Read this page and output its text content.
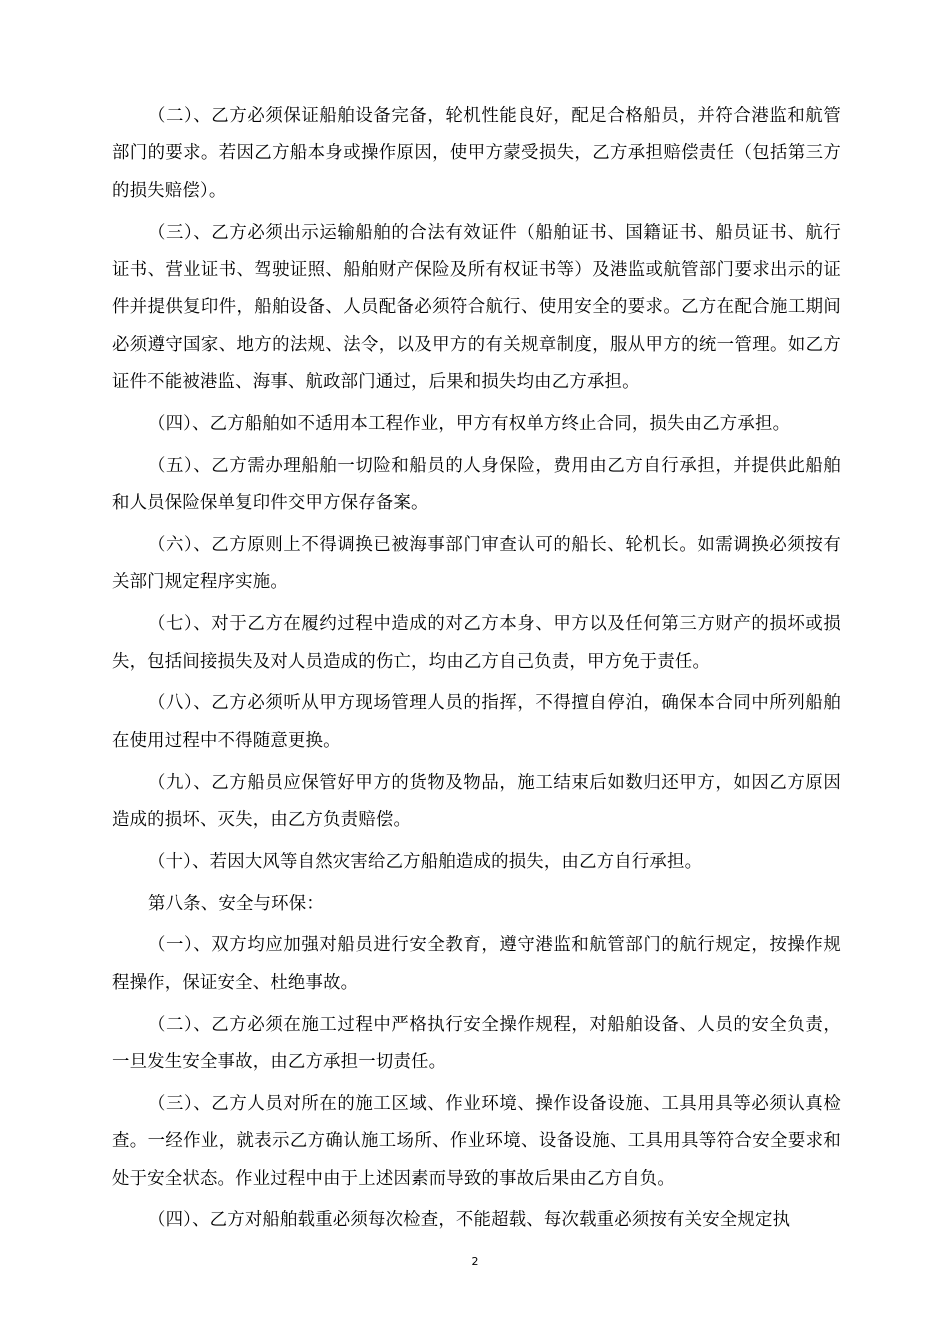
（二）、乙方必须保证船舶设备完备，轮机性能良好，配足合格船员，并符合港监和航管部门的要求。若因乙方船本身或操作原因，使甲方蒙受损失，乙方承担赔偿责任（包括第三方的损失赔偿）。

（三）、乙方必须出示运输船舶的合法有效证件（船舶证书、国籍证书、船员证书、航行证书、营业证书、驾驶证照、船舶财产保险及所有权证书等）及港监或航管部门要求出示的证件并提供复印件，船舶设备、人员配备必须符合航行、使用安全的要求。乙方在配合施工期间必须遵守国家、地方的法规、法令，以及甲方的有关规章制度，服从甲方的统一管理。如乙方证件不能被港监、海事、航政部门通过，后果和损失均由乙方承担。

（四）、乙方船舶如不适用本工程作业，甲方有权单方终止合同，损失由乙方承担。

（五）、乙方需办理船舶一切险和船员的人身保险，费用由乙方自行承担，并提供此船舶和人员保险保单复印件交甲方保存备案。

（六）、乙方原则上不得调换已被海事部门审查认可的船长、轮机长。如需调换必须按有关部门规定程序实施。

（七）、对于乙方在履约过程中造成的对乙方本身、甲方以及任何第三方财产的损坏或损失，包括间接损失及对人员造成的伤亡，均由乙方自己负责，甲方免于责任。

（八）、乙方必须听从甲方现场管理人员的指挥，不得擅自停泊，确保本合同中所列船舶在使用过程中不得随意更换。

（九）、乙方船员应保管好甲方的货物及物品，施工结束后如数归还甲方，如因乙方原因造成的损坏、灭失，由乙方负责赔偿。

（十）、若因大风等自然灾害给乙方船舶造成的损失，由乙方自行承担。

第八条、安全与环保：

（一）、双方均应加强对船员进行安全教育，遵守港监和航管部门的航行规定，按操作规程操作，保证安全、杜绝事故。

（二）、乙方必须在施工过程中严格执行安全操作规程，对船舶设备、人员的安全负责，一旦发生安全事故，由乙方承担一切责任。

（三）、乙方人员对所在的施工区域、作业环境、操作设备设施、工具用具等必须认真检查。一经作业，就表示乙方确认施工场所、作业环境、设备设施、工具用具等符合安全要求和处于安全状态。作业过程中由于上述因素而导致的事故后果由乙方自负。

（四）、乙方对船舶载重必须每次检查，不能超载、每次载重必须按有关安全规定执

2
